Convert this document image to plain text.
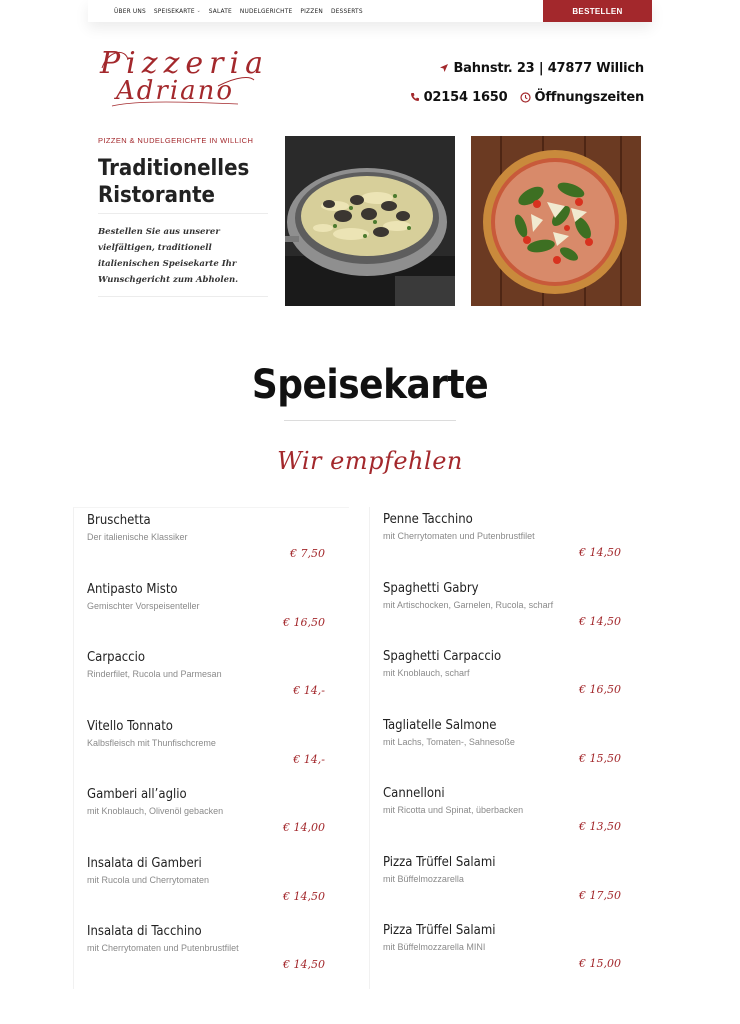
ÜBER UNS SPEISEKARTE ⌄ SALATE NUDELGERICHTE PIZZEN DESSERTS	BESTELLEN
Pizzeria
Adriano
Bahnstr. 23 | 47877 Willich
02154 1650 Öffnungszeiten
PIZZEN & NUDELGERICHTE IN WILLICH
Traditionelles Ristorante

Bestellen Sie aus unserer vielfältigen, traditionell italienischen Speisekarte Ihr Wunschgericht zum Abholen.

Speisekarte
Wir empfehlen
Bruschetta
Der italienische Klassiker
€ 7,50
Antipasto Misto
Gemischter Vorspeisenteller
€ 16,50
Carpaccio
Rinderfilet, Rucola und Parmesan
€ 14,-
Vitello Tonnato
Kalbsfleisch mit Thunfischcreme
€ 14,-
Gamberi all’aglio
mit Knoblauch, Olivenöl gebacken
€ 14,00
Insalata di Gamberi
mit Rucola und Cherrytomaten
€ 14,50
Insalata di Tacchino
mit Cherrytomaten und Putenbrustfilet
€ 14,50
Penne Tacchino
mit Cherrytomaten und Putenbrustfilet
€ 14,50
Spaghetti Gabry
mit Artischocken, Garnelen, Rucola, scharf
€ 14,50
Spaghetti Carpaccio
mit Knoblauch, scharf
€ 16,50
Tagliatelle Salmone
mit Lachs, Tomaten-, Sahnesoße
€ 15,50
Cannelloni
mit Ricotta und Spinat, überbacken
€ 13,50
Pizza Trüffel Salami
mit Büffelmozzarella
€ 17,50
Pizza Trüffel Salami
mit Büffelmozzarella MINI
€ 15,00
